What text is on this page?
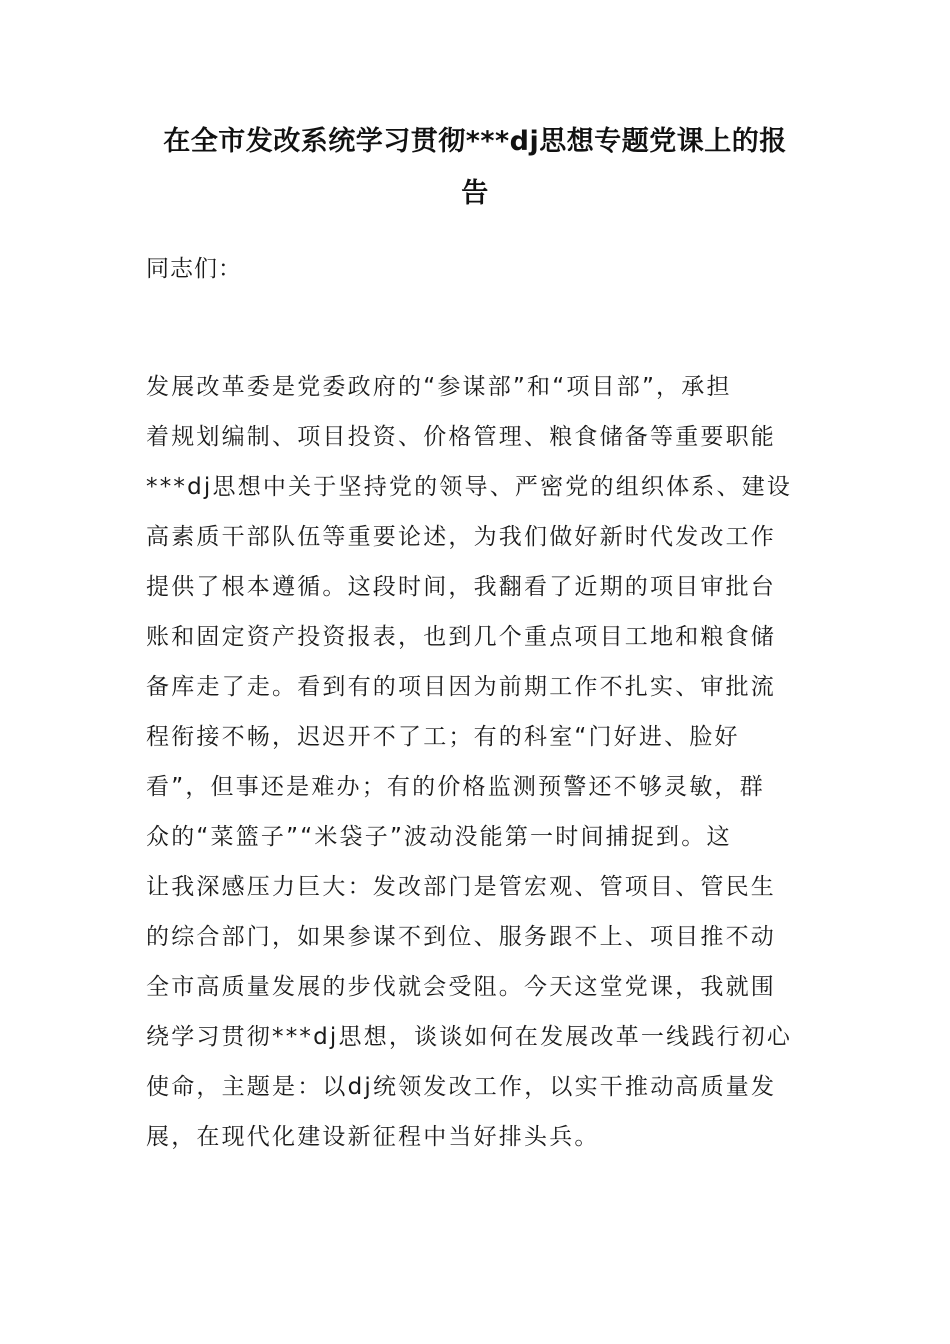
在全市发改系统学习贯彻***dj思想专题党课上的报
告
同志们：
发展改革委是党委政府的“参谋部”和“项目部”，承担
着规划编制、项目投资、价格管理、粮食储备等重要职能
***dj思想中关于坚持党的领导、严密党的组织体系、建设
高素质干部队伍等重要论述，为我们做好新时代发改工作
提供了根本遵循。这段时间，我翻看了近期的项目审批台
账和固定资产投资报表，也到几个重点项目工地和粮食储
备库走了走。看到有的项目因为前期工作不扎实、审批流
程衔接不畅，迟迟开不了工；有的科室“门好进、脸好
看”，但事还是难办；有的价格监测预警还不够灵敏，群
众的“菜篮子”“米袋子”波动没能第一时间捕捉到。这
让我深感压力巨大：发改部门是管宏观、管项目、管民生
的综合部门，如果参谋不到位、服务跟不上、项目推不动
全市高质量发展的步伐就会受阻。今天这堂党课，我就围
绕学习贯彻***dj思想，谈谈如何在发展改革一线践行初心
使命，主题是：以dj统领发改工作，以实干推动高质量发
展，在现代化建设新征程中当好排头兵。
